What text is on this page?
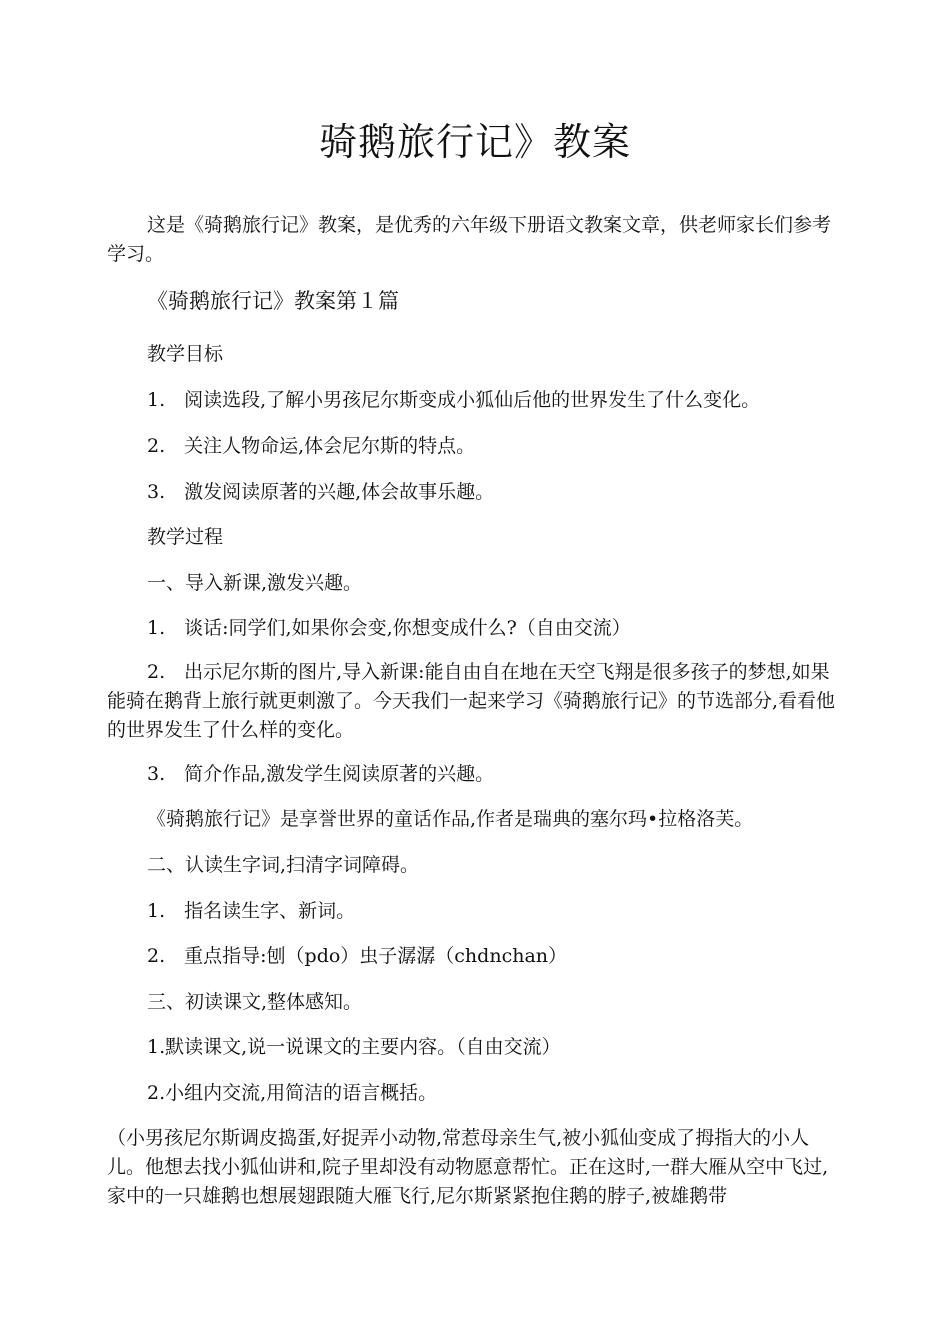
骑鹅旅行记》教案

这是《骑鹅旅行记》教案，是优秀的六年级下册语文教案文章，供老师家长们参考学习。

《骑鹅旅行记》教案第１篇

教学目标

1.　阅读选段,了解小男孩尼尔斯变成小狐仙后他的世界发生了什么变化。

2.　关注人物命运,体会尼尔斯的特点。

3.　激发阅读原著的兴趣,体会故事乐趣。

教学过程

一、导入新课,激发兴趣。

1.　谈话:同学们,如果你会变,你想变成什么?（自由交流）

2.　出示尼尔斯的图片,导入新课:能自由自在地在天空飞翔是很多孩子的梦想,如果能骑在鹅背上旅行就更刺激了。今天我们一起来学习《骑鹅旅行记》的节选部分,看看他的世界发生了什么样的变化。

3.　简介作品,激发学生阅读原著的兴趣。

《骑鹅旅行记》是享誉世界的童话作品,作者是瑞典的塞尔玛•拉格洛芙。

二、认读生字词,扫清字词障碍。

1.　指名读生字、新词。

2.　重点指导:刨（pdo）虫子潺潺（chdnchan）

三、初读课文,整体感知。

1.默读课文,说一说课文的主要内容。（自由交流）

2.小组内交流,用简洁的语言概括。

（小男孩尼尔斯调皮捣蛋,好捉弄小动物,常惹母亲生气,被小狐仙变成了拇指大的小人儿。他想去找小狐仙讲和,院子里却没有动物愿意帮忙。正在这时,一群大雁从空中飞过,家中的一只雄鹅也想展翅跟随大雁飞行,尼尔斯紧紧抱住鹅的脖子,被雄鹅带
